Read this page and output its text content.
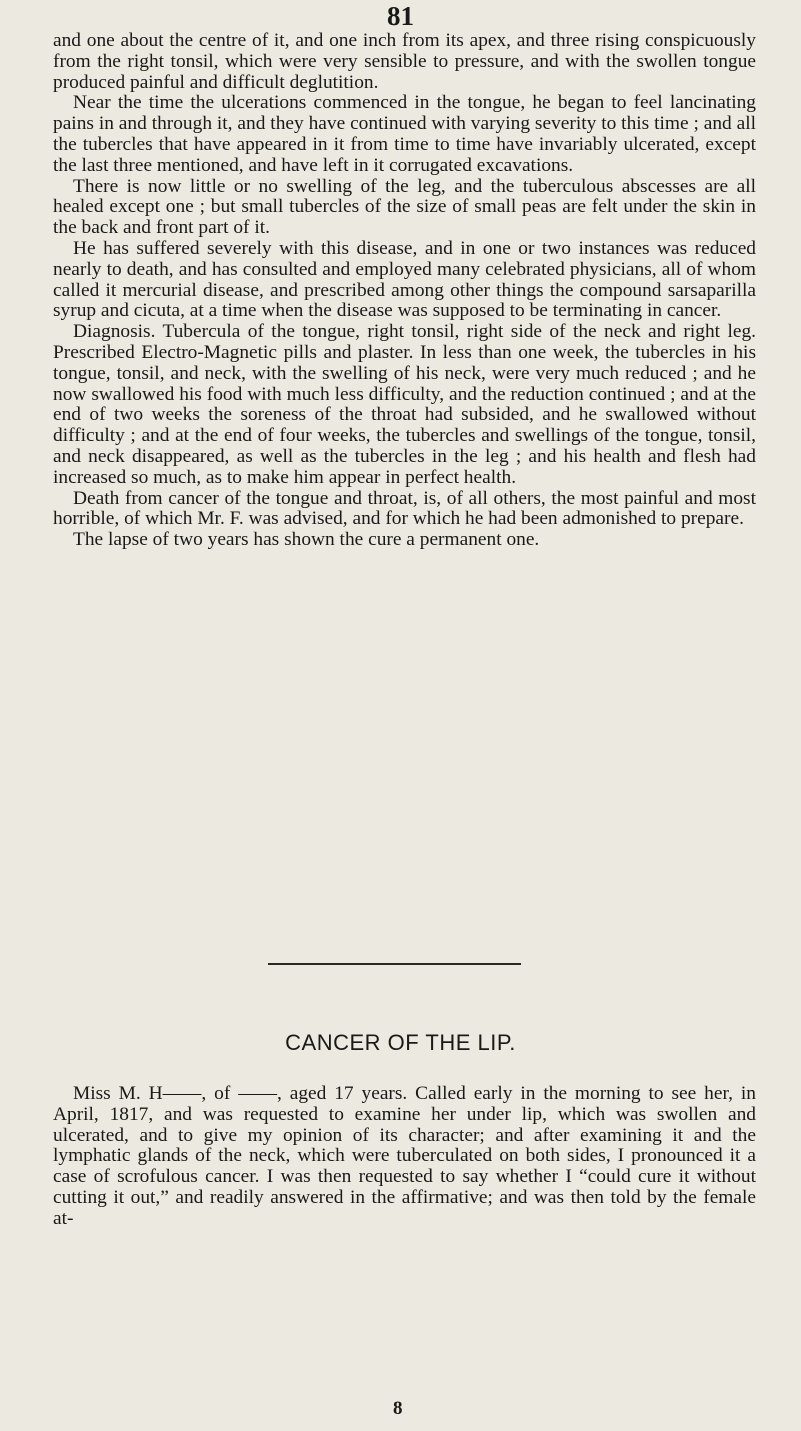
81

and one about the centre of it, and one inch from its apex, and three rising conspicuously from the right tonsil, which were very sensible to pressure, and with the swollen tongue produced painful and difficult deglutition.

Near the time the ulcerations commenced in the tongue, he began to feel lancinating pains in and through it, and they have continued with varying severity to this time ; and all the tubercles that have appeared in it from time to time have invariably ulcerated, except the last three mentioned, and have left in it corrugated excavations.

There is now little or no swelling of the leg, and the tuberculous abscesses are all healed except one ; but small tubercles of the size of small peas are felt under the skin in the back and front part of it.

He has suffered severely with this disease, and in one or two instances was reduced nearly to death, and has consulted and employed many celebrated physicians, all of whom called it mercurial disease, and prescribed among other things the compound sarsaparilla syrup and cicuta, at a time when the disease was supposed to be terminating in cancer.

Diagnosis. Tubercula of the tongue, right tonsil, right side of the neck and right leg. Prescribed Electro-Magnetic pills and plaster. In less than one week, the tubercles in his tongue, tonsil, and neck, with the swelling of his neck, were very much reduced ; and he now swallowed his food with much less difficulty, and the reduction continued ; and at the end of two weeks the soreness of the throat had subsided, and he swallowed without difficulty ; and at the end of four weeks, the tubercles and swellings of the tongue, tonsil, and neck disappeared, as well as the tubercles in the leg ; and his health and flesh had increased so much, as to make him appear in perfect health.

Death from cancer of the tongue and throat, is, of all others, the most painful and most horrible, of which Mr. F. was advised, and for which he had been admonished to prepare.

The lapse of two years has shown the cure a permanent one.

CANCER OF THE LIP.

Miss M. H——, of ——, aged 17 years. Called early in the morning to see her, in April, 1817, and was requested to examine her under lip, which was swollen and ulcerated, and to give my opinion of its character; and after examining it and the lymphatic glands of the neck, which were tuberculated on both sides, I pronounced it a case of scrofulous cancer. I was then requested to say whether I “could cure it without cutting it out,” and readily answered in the affirmative; and was then told by the female at-

8
